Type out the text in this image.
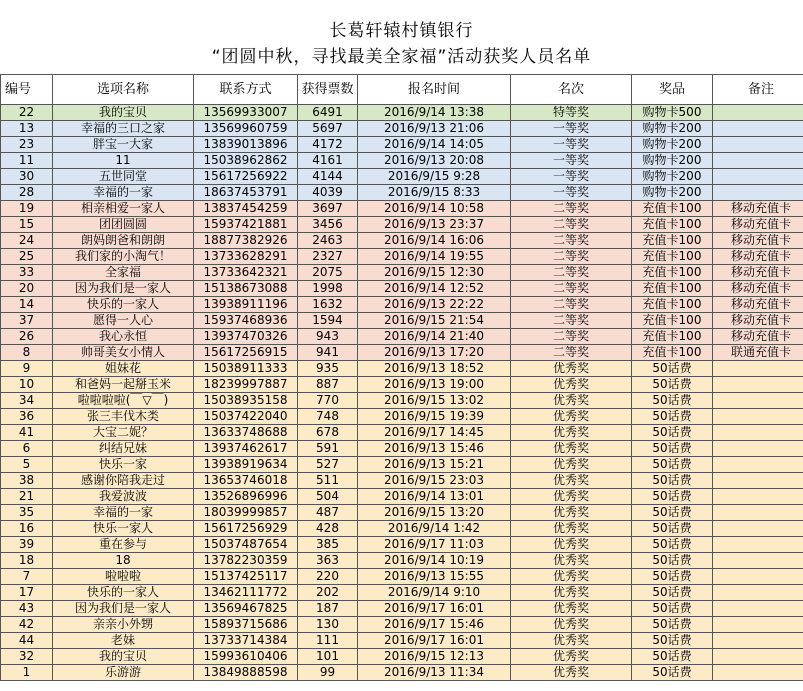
长葛轩辕村镇银行
“团圆中秋，寻找最美全家福”活动获奖人员名单
编号	选项名称	联系方式	获得票数	报名时间	名次	奖品	备注
22	我的宝贝	13569933007	6491	2016/9/14 13:38	特等奖	购物卡500	
13	幸福的三口之家	13569960759	5697	2016/9/13 21:06	一等奖	购物卡200	
23	胖宝一大家	13839013896	4172	2016/9/14 14:05	一等奖	购物卡200	
11	11	15038962862	4161	2016/9/13 20:08	一等奖	购物卡200	
30	五世同堂	15617256922	4144	2016/9/15 9:28	一等奖	购物卡200	
28	幸福的一家	18637453791	4039	2016/9/15 8:33	一等奖	购物卡200	
19	相亲相爱一家人	13837454259	3697	2016/9/14 10:58	二等奖	充值卡100	移动充值卡
15	团团圆圆	15937421881	3456	2016/9/13 23:37	二等奖	充值卡100	移动充值卡
24	朗妈朗爸和朗朗	18877382926	2463	2016/9/14 16:06	二等奖	充值卡100	移动充值卡
25	我们家的小淘气！	13733628291	2327	2016/9/14 19:55	二等奖	充值卡100	移动充值卡
33	全家福	13733642321	2075	2016/9/15 12:30	二等奖	充值卡100	移动充值卡
20	因为我们是一家人	15138673088	1998	2016/9/14 12:52	二等奖	充值卡100	移动充值卡
14	快乐的一家人	13938911196	1632	2016/9/13 22:22	二等奖	充值卡100	移动充值卡
37	愿得一人心	15937468936	1594	2016/9/15 21:54	二等奖	充值卡100	移动充值卡
26	我心永恒	13937470326	943	2016/9/14 21:40	二等奖	充值卡100	移动充值卡
8	帅哥美女小情人	15617256915	941	2016/9/13 17:20	二等奖	充值卡100	联通充值卡
9	姐妹花	15038911333	935	2016/9/13 18:52	优秀奖	50话费	
10	和爸妈一起掰玉米	18239997887	887	2016/9/13 19:00	优秀奖	50话费	
34	啦啦啦啦(￣▽￣)	15038935158	770	2016/9/15 13:02	优秀奖	50话费	
36	张三丰伐木类	15037422040	748	2016/9/15 19:39	优秀奖	50话费	
41	大宝二妮？	13633748688	678	2016/9/17 14:45	优秀奖	50话费	
6	纠结兄妹	13937462617	591	2016/9/13 15:46	优秀奖	50话费	
5	快乐一家	13938919634	527	2016/9/13 15:21	优秀奖	50话费	
38	感谢你陪我走过	13653746018	511	2016/9/15 23:03	优秀奖	50话费	
21	我爱波波	13526896996	504	2016/9/14 13:01	优秀奖	50话费	
35	幸福的一家	18039999857	487	2016/9/15 13:20	优秀奖	50话费	
16	快乐一家人	15617256929	428	2016/9/14 1:42	优秀奖	50话费	
39	重在参与	15037487654	385	2016/9/17 11:03	优秀奖	50话费	
18	18	13782230359	363	2016/9/14 10:19	优秀奖	50话费	
7	啦啦啦	15137425117	220	2016/9/13 15:55	优秀奖	50话费	
17	快乐的一家人	13462111772	202	2016/9/14 9:10	优秀奖	50话费	
43	因为我们是一家人	13569467825	187	2016/9/17 16:01	优秀奖	50话费	
42	亲亲小外甥	15893715686	130	2016/9/17 15:46	优秀奖	50话费	
44	老妹	13733714384	111	2016/9/17 16:01	优秀奖	50话费	
32	我的宝贝	15993610406	101	2016/9/15 12:13	优秀奖	50话费	
1	乐游游	13849888598	99	2016/9/13 11:34	优秀奖	50话费	
